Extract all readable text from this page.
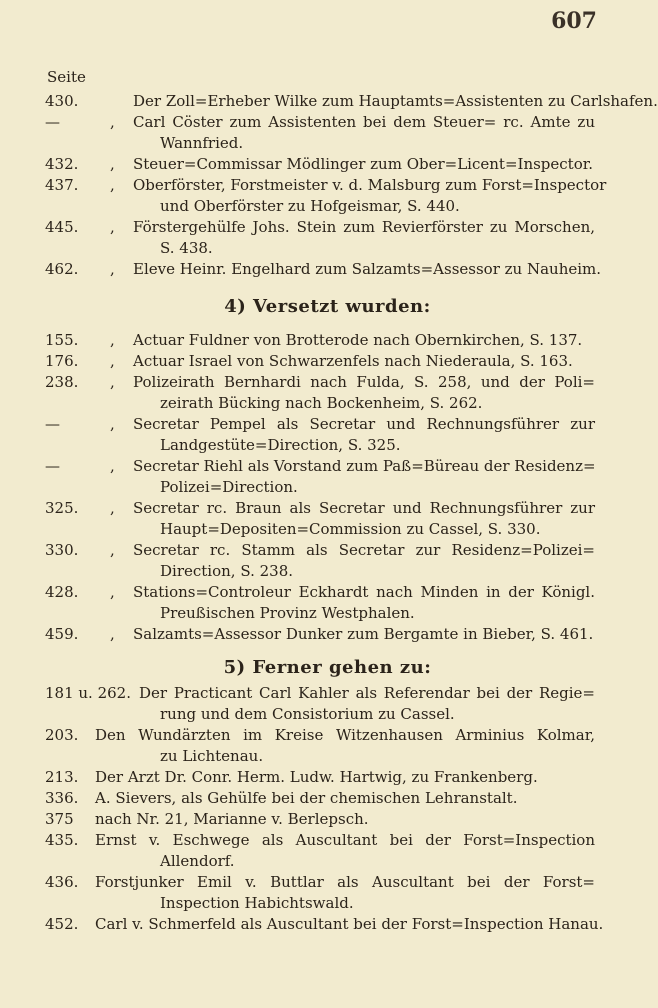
607
Seite
430.	Der Zoll=Erheber Wilke zum Hauptamts=Assistenten zu Carlshafen.
—	, Carl Cöster zum Assistenten bei dem Steuer= rc. Amte zu
Wannfried.
432. , Steuer=Commissar Mödlinger zum Ober=Licent=Inspector.
437. , Oberförster, Forstmeister v. d. Malsburg zum Forst=Inspector
und Oberförster zu Hofgeismar, S. 440.
445. , Förstergehülfe Johs. Stein zum Revierförster zu Morschen,
S. 438.
462. , Eleve Heinr. Engelhard zum Salzamts=Assessor zu Nauheim.
4) Versetzt wurden:
155. , Actuar Fuldner von Brotterode nach Obernkirchen, S. 137.
176. , Actuar Israel von Schwarzenfels nach Niederaula, S. 163.
238. , Polizeirath Bernhardi nach Fulda, S. 258, und der Poli=
zeirath Bücking nach Bockenheim, S. 262.
—	, Secretar Pempel als Secretar und Rechnungsführer zur
Landgestüte=Direction, S. 325.
—	, Secretar Riehl als Vorstand zum Paß=Büreau der Residenz=
Polizei=Direction.
325. , Secretar rc. Braun als Secretar und Rechnungsführer zur
Haupt=Depositen=Commission zu Cassel, S. 330.
330. , Secretar rc. Stamm als Secretar zur Residenz=Polizei=
Direction, S. 238.
428. , Stations=Controleur Eckhardt nach Minden in der Königl.
Preußischen Provinz Westphalen.
459. , Salzamts=Assessor Dunker zum Bergamte in Bieber, S. 461.
5) Ferner gehen zu:
181 u. 262. Der Practicant Carl Kahler als Referendar bei der Regie=
rung und dem Consistorium zu Cassel.
203. Den Wundärzten im Kreise Witzenhausen Arminius Kolmar,
zu Lichtenau.
213. Der Arzt Dr. Conr. Herm. Ludw. Hartwig, zu Frankenberg.
336. A. Sievers, als Gehülfe bei der chemischen Lehranstalt.
375 nach Nr. 21, Marianne v. Berlepsch.
435. Ernst v. Eschwege als Auscultant bei der Forst=Inspection
Allendorf.
436. Forstjunker Emil v. Buttlar als Auscultant bei der Forst=
Inspection Habichtswald.
452. Carl v. Schmerfeld als Auscultant bei der Forst=Inspection Hanau.
